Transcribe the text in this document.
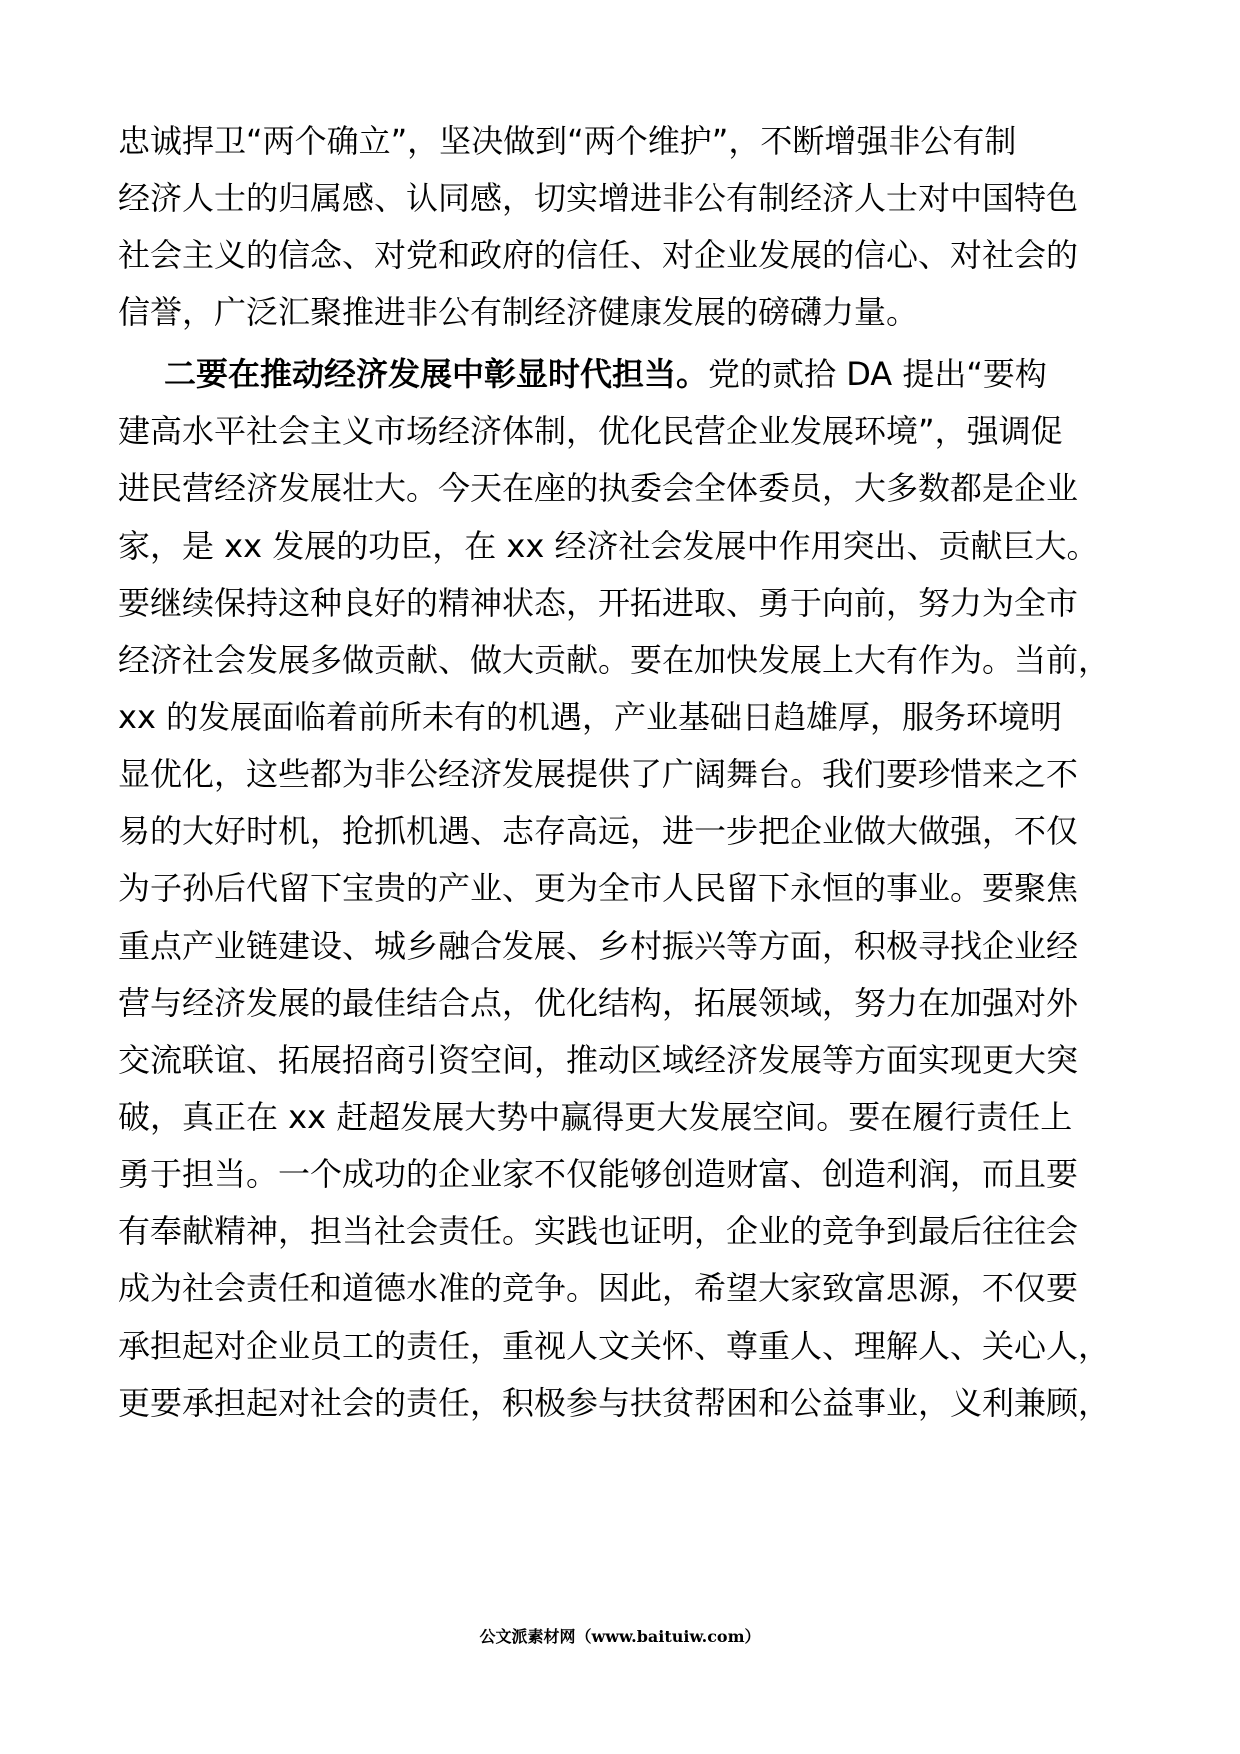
忠诚捍卫“两个确立”，坚决做到“两个维护”，不断增强非公有制
经济人士的归属感、认同感，切实增进非公有制经济人士对中国特色
社会主义的信念、对党和政府的信任、对企业发展的信心、对社会的
信誉，广泛汇聚推进非公有制经济健康发展的磅礴力量。
二要在推动经济发展中彰显时代担当。党的贰拾 DA 提出“要构
建高水平社会主义市场经济体制，优化民营企业发展环境”，强调促
进民营经济发展壮大。今天在座的执委会全体委员，大多数都是企业
家，是 xx 发展的功臣，在 xx 经济社会发展中作用突出、贡献巨大。
要继续保持这种良好的精神状态，开拓进取、勇于向前，努力为全市
经济社会发展多做贡献、做大贡献。要在加快发展上大有作为。当前，
xx 的发展面临着前所未有的机遇，产业基础日趋雄厚，服务环境明
显优化，这些都为非公经济发展提供了广阔舞台。我们要珍惜来之不
易的大好时机，抢抓机遇、志存高远，进一步把企业做大做强，不仅
为子孙后代留下宝贵的产业、更为全市人民留下永恒的事业。要聚焦
重点产业链建设、城乡融合发展、乡村振兴等方面，积极寻找企业经
营与经济发展的最佳结合点，优化结构，拓展领域，努力在加强对外
交流联谊、拓展招商引资空间，推动区域经济发展等方面实现更大突
破，真正在 xx 赶超发展大势中赢得更大发展空间。要在履行责任上
勇于担当。一个成功的企业家不仅能够创造财富、创造利润，而且要
有奉献精神，担当社会责任。实践也证明，企业的竞争到最后往往会
成为社会责任和道德水准的竞争。因此，希望大家致富思源，不仅要
承担起对企业员工的责任，重视人文关怀、尊重人、理解人、关心人，
更要承担起对社会的责任，积极参与扶贫帮困和公益事业，义利兼顾，
公文派素材网（www.baituiw.com）
